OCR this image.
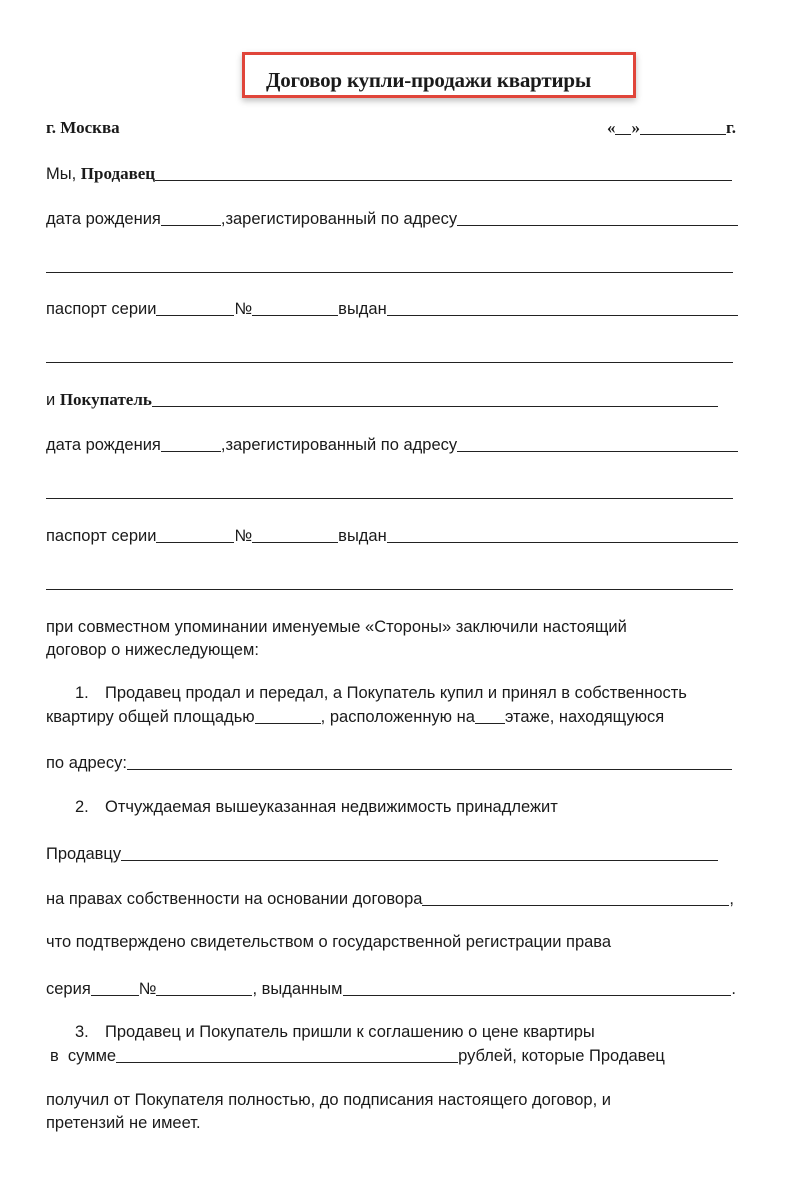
Договор купли-продажи квартиры
г. Москва	« »	г.
Мы, Продавец
дата рождения	,зарегистированный по адресу
паспорт серии	№	выдан
и Покупатель
дата рождения	,зарегистированный по адресу
паспорт серии	№	выдан
при совместном упоминании именуемые «Стороны» заключили настоящий
договор о нижеследующем:
1. Продавец продал и передал, а Покупатель купил и принял в собственность
квартиру общей площадью	, расположенную на этаже, находящуюся
по адресу:
2. Отчуждаемая вышеуказанная недвижимость принадлежит
Продавцу
на правах собственности на основании договора	,
что подтверждено свидетельством о государственной регистрации права
серия	№	, выданным	.
3. Продавец и Покупатель пришли к соглашению о цене квартиры
в  сумме	рублей, которые Продавец
получил от Покупателя полностью, до подписания настоящего договор, и
претензий не имеет.
